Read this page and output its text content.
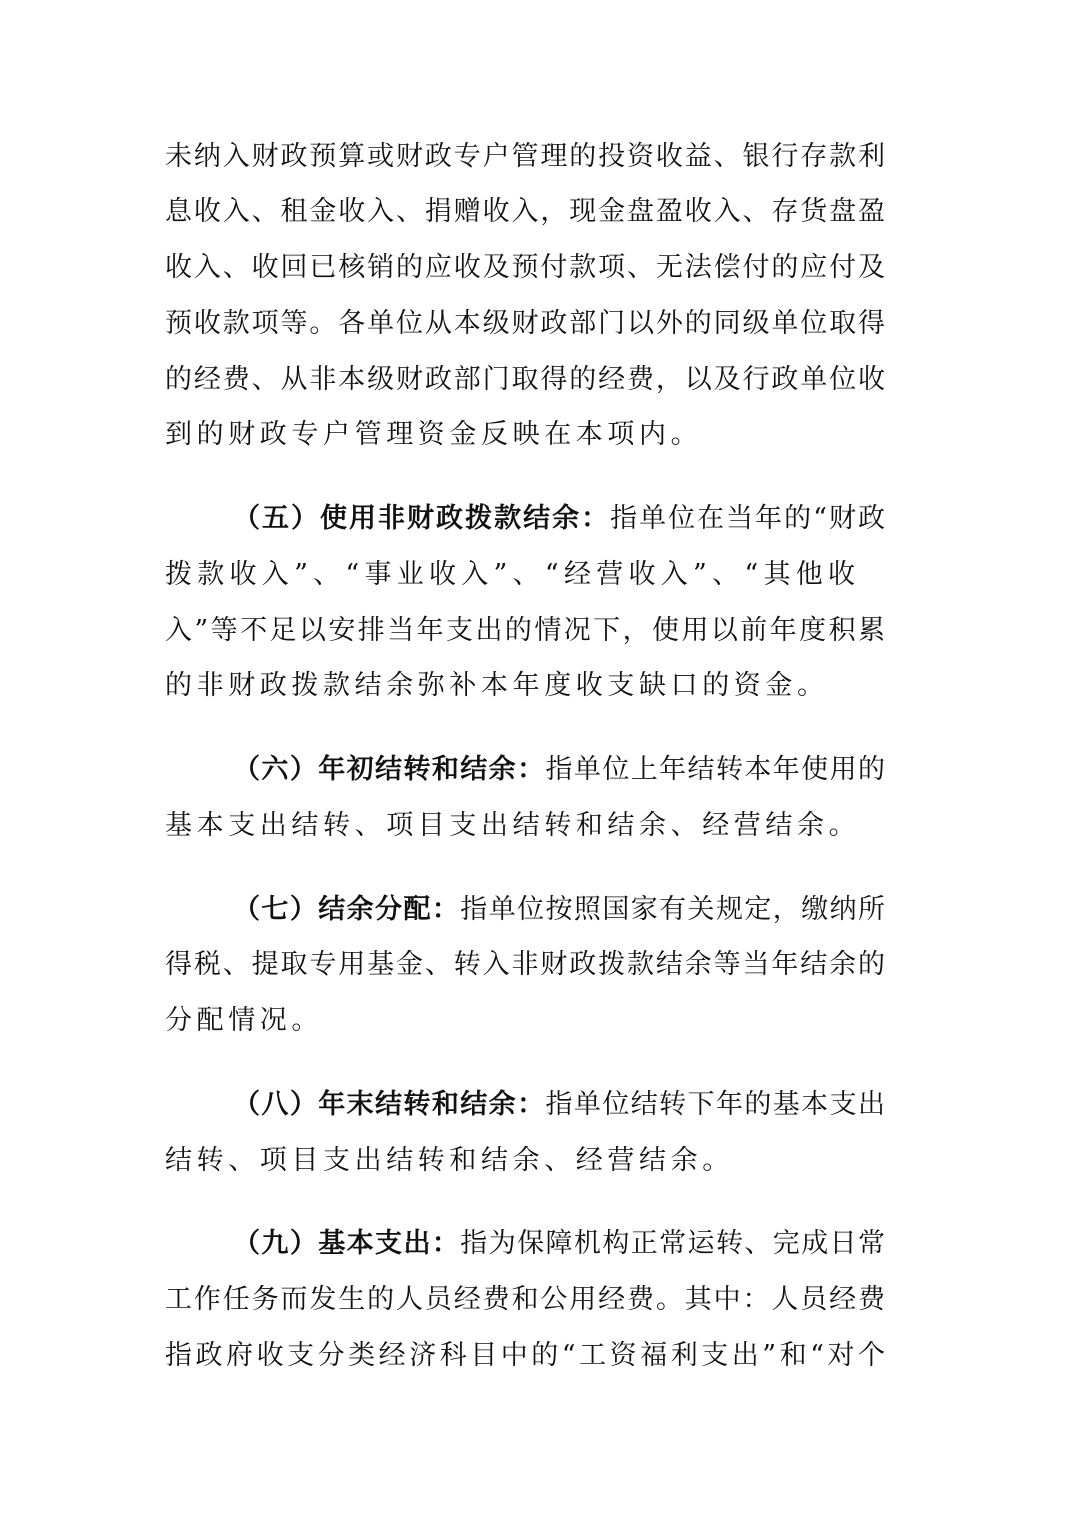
未纳入财政预算或财政专户管理的投资收益、银行存款利
息收入、租金收入、捐赠收入，现金盘盈收入、存货盘盈
收入、收回已核销的应收及预付款项、无法偿付的应付及
预收款项等。各单位从本级财政部门以外的同级单位取得
的经费、从非本级财政部门取得的经费，以及行政单位收
到的财政专户管理资金反映在本项内。
（五）使用非财政拨款结余：指单位在当年的“财政
拨款收入”、“事业收入”、“经营收入”、“其他收
入”等不足以安排当年支出的情况下，使用以前年度积累
的非财政拨款结余弥补本年度收支缺口的资金。
（六）年初结转和结余：指单位上年结转本年使用的
基本支出结转、项目支出结转和结余、经营结余。
（七）结余分配：指单位按照国家有关规定，缴纳所
得税、提取专用基金、转入非财政拨款结余等当年结余的
分配情况。
（八）年末结转和结余：指单位结转下年的基本支出
结转、项目支出结转和结余、经营结余。
（九）基本支出：指为保障机构正常运转、完成日常
工作任务而发生的人员经费和公用经费。其中：人员经费
指政府收支分类经济科目中的“工资福利支出”和“对个
